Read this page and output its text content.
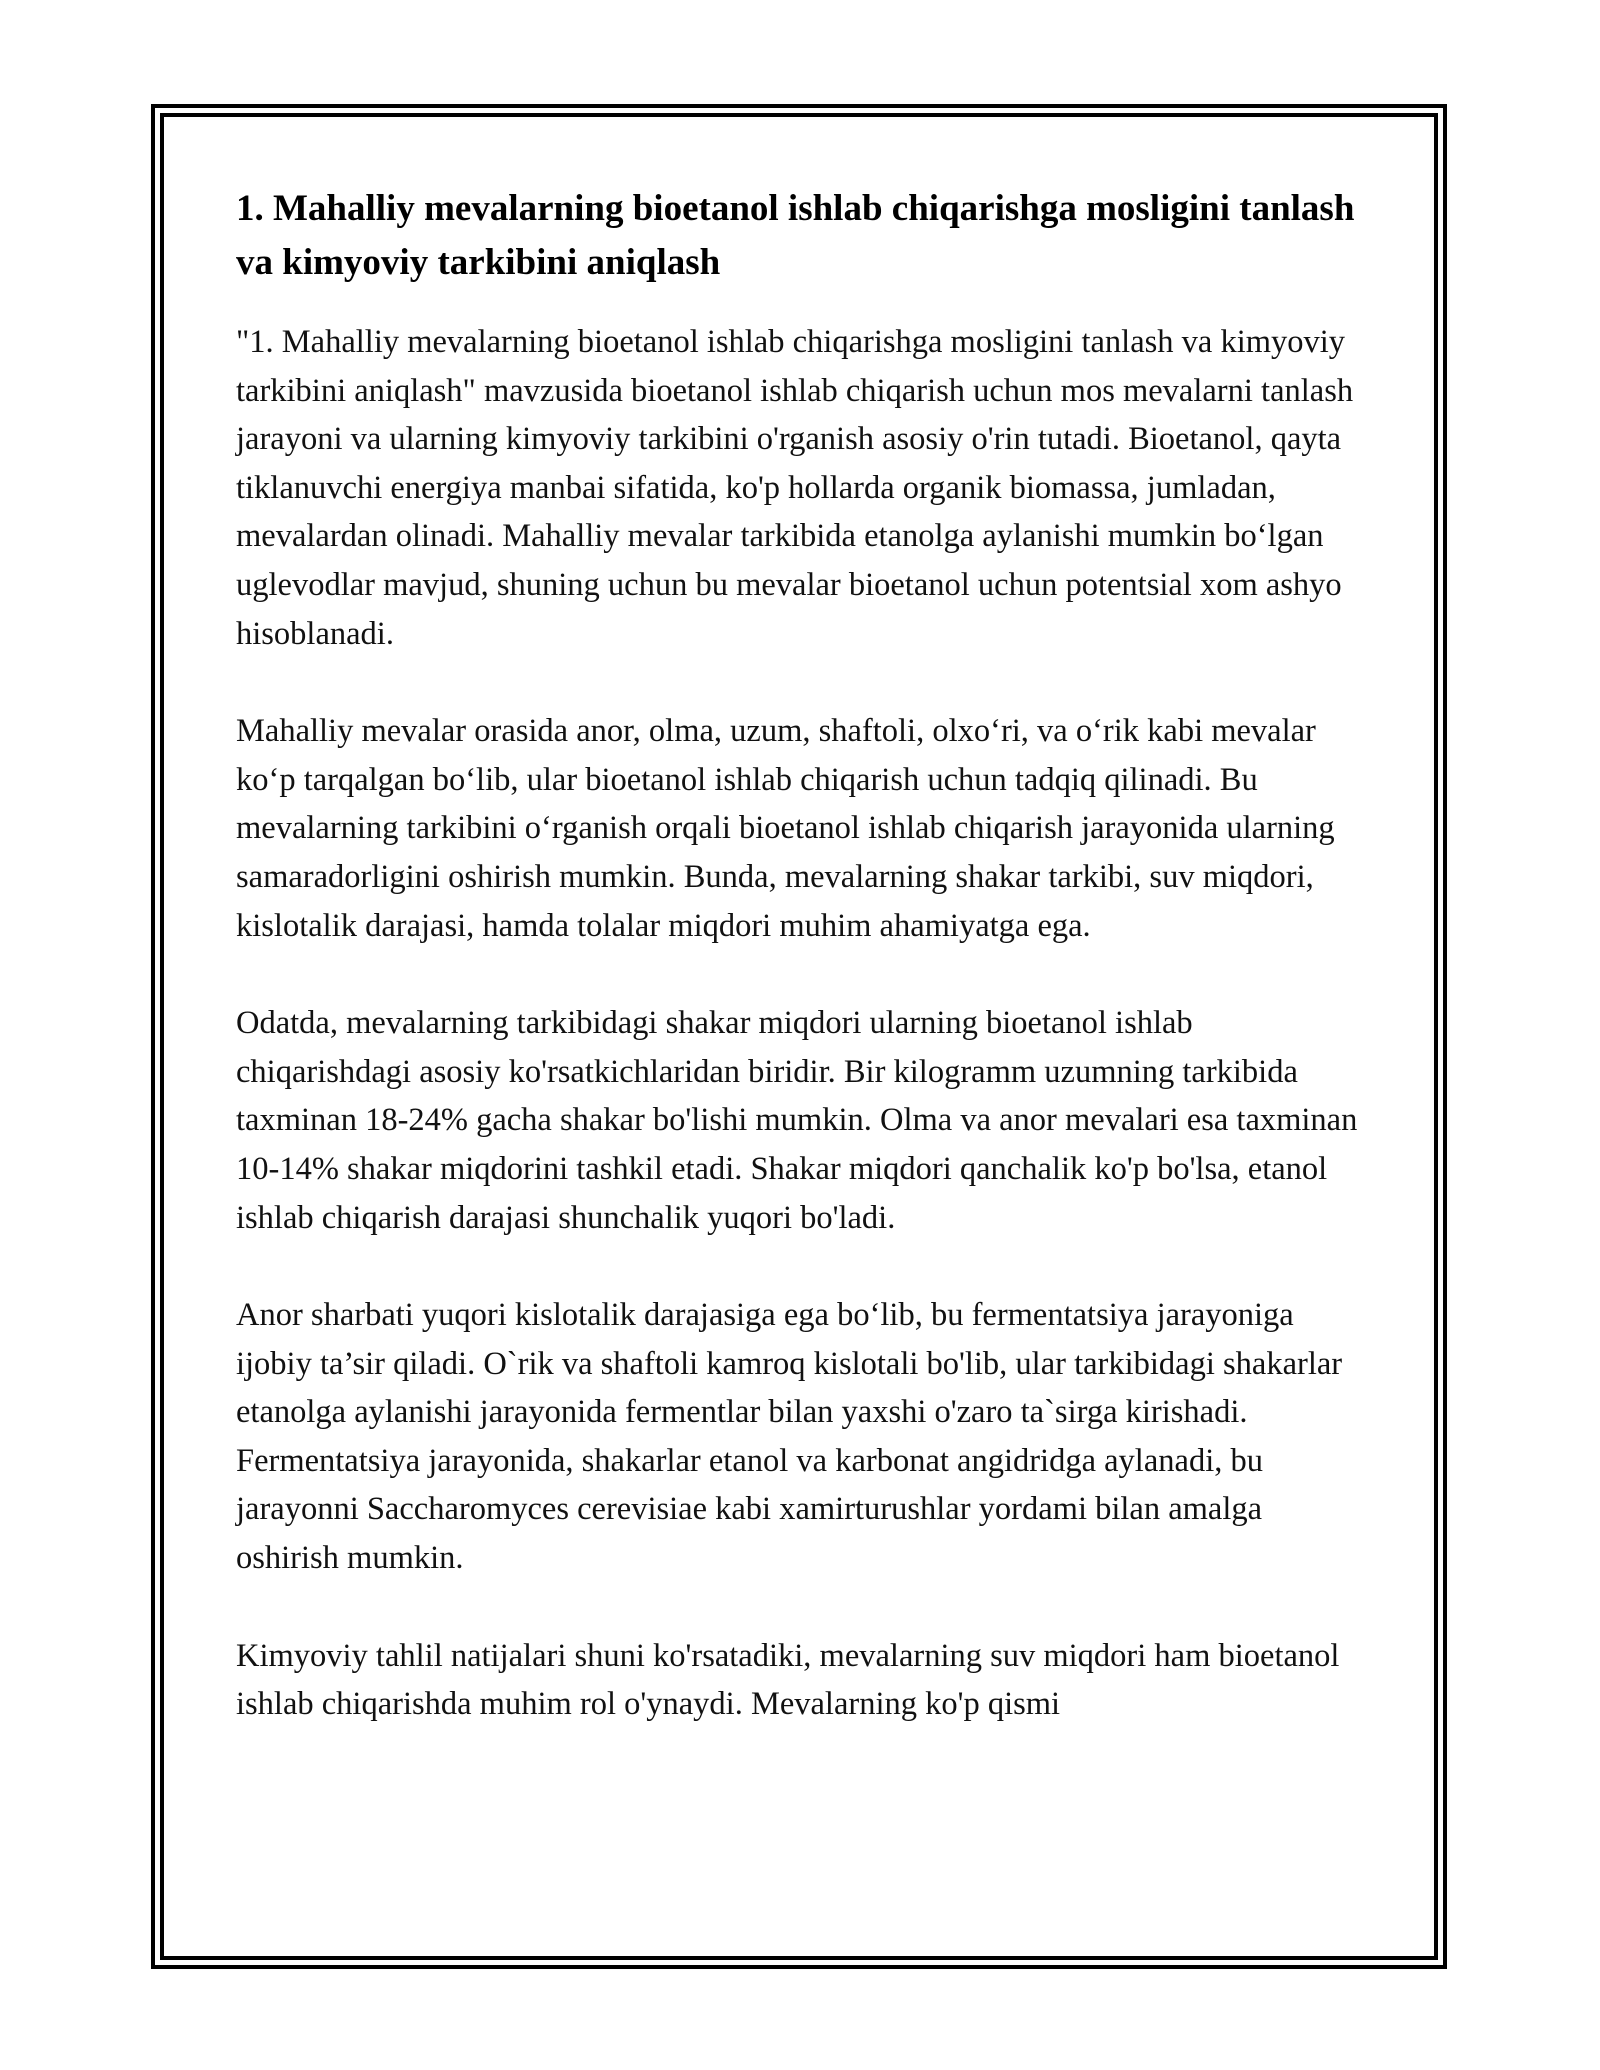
1. Mahalliy mevalarning bioetanol ishlab chiqarishga mosligini tanlash va kimyoviy tarkibini aniqlash

"1. Mahalliy mevalarning bioetanol ishlab chiqarishga mosligini tanlash va kimyoviy tarkibini aniqlash" mavzusida bioetanol ishlab chiqarish uchun mos mevalarni tanlash jarayoni va ularning kimyoviy tarkibini o'rganish asosiy o'rin tutadi. Bioetanol, qayta tiklanuvchi energiya manbai sifatida, ko'p hollarda organik biomassa, jumladan, mevalardan olinadi. Mahalliy mevalar tarkibida etanolga aylanishi mumkin bo‘lgan uglevodlar mavjud, shuning uchun bu mevalar bioetanol uchun potentsial xom ashyo hisoblanadi.

Mahalliy mevalar orasida anor, olma, uzum, shaftoli, olxo‘ri, va o‘rik kabi mevalar ko‘p tarqalgan bo‘lib, ular bioetanol ishlab chiqarish uchun tadqiq qilinadi. Bu mevalarning tarkibini o‘rganish orqali bioetanol ishlab chiqarish jarayonida ularning samaradorligini oshirish mumkin. Bunda, mevalarning shakar tarkibi, suv miqdori, kislotalik darajasi, hamda tolalar miqdori muhim ahamiyatga ega.

Odatda, mevalarning tarkibidagi shakar miqdori ularning bioetanol ishlab chiqarishdagi asosiy ko'rsatkichlaridan biridir. Bir kilogramm uzumning tarkibida taxminan 18-24% gacha shakar bo'lishi mumkin. Olma va anor mevalari esa taxminan 10-14% shakar miqdorini tashkil etadi. Shakar miqdori qanchalik ko'p bo'lsa, etanol ishlab chiqarish darajasi shunchalik yuqori bo'ladi.

Anor sharbati yuqori kislotalik darajasiga ega bo‘lib, bu fermentatsiya jarayoniga ijobiy ta’sir qiladi. O`rik va shaftoli kamroq kislotali bo'lib, ular tarkibidagi shakarlar etanolga aylanishi jarayonida fermentlar bilan yaxshi o'zaro ta`sirga kirishadi. Fermentatsiya jarayonida, shakarlar etanol va karbonat angidridga aylanadi, bu jarayonni Saccharomyces cerevisiae kabi xamirturushlar yordami bilan amalga oshirish mumkin.

Kimyoviy tahlil natijalari shuni ko'rsatadiki, mevalarning suv miqdori ham bioetanol ishlab chiqarishda muhim rol o'ynaydi. Mevalarning ko'p qismi
